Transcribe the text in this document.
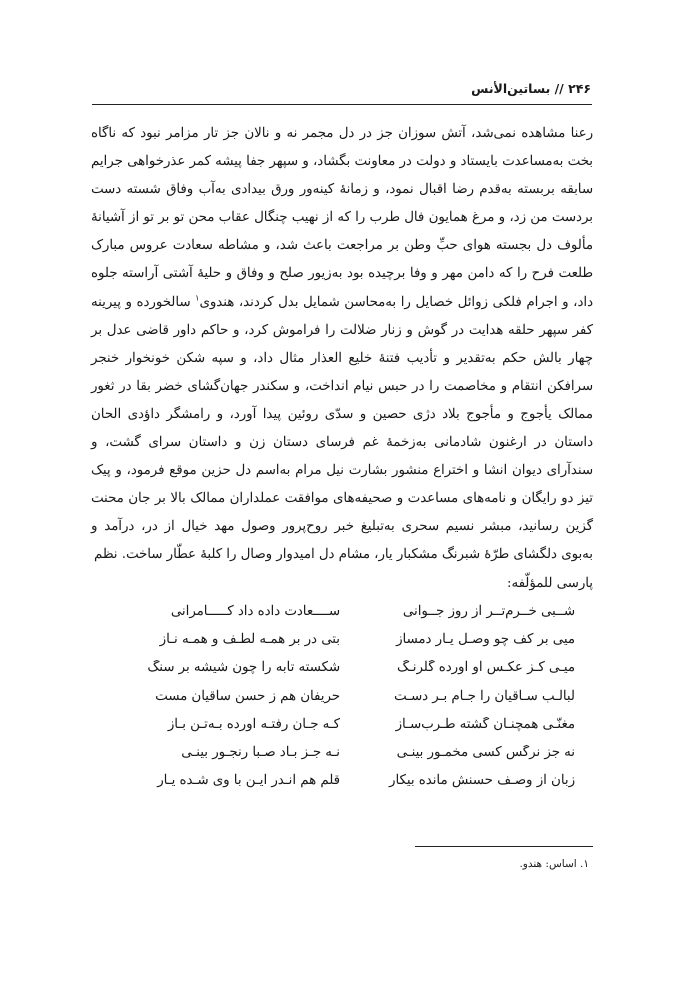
۲۴۶ // بساتین‌الأنس

رعنا مشاهده نمی‌شد، آتش سوزان جز در دل مجمر نه و نالان جز تار مزامر نبود که ناگاه بخت به‌مساعدت بایستاد و دولت در معاونت بگشاد، و سپهر جفا پیشه کمر عذرخواهی جرایم سابقه بربسته به‌قدم رضا اقبال نمود، و زمانهٔ کینه‌ور ورق بیدادی به‌آب وفاق شسته دست بردست من زد، و مرغ همایون فال طرب را که از نهیب چنگال عقاب محن تو بر تو از آشیانهٔ مألوف دل بجسته هوای حبِّ وطن بر مراجعت باعث شد، و مشاطه سعادت عروس مبارک طلعت فرح را که دامن مهر و وفا برچیده بود به‌زیور صلح و وفاق و حلیهٔ آشتی آراسته جلوه داد، و اجرام فلکی زوائل خصایل را به‌محاسن شمایل بدل کردند، هندوی$^۱$ سالخورده و پیرینه کفر سپهر حلقه هدایت در گوش و زنار ضلالت را فراموش کرد، و حاکم داور قاضی عدل بر چهار بالش حکم به‌تقدیر و تأدیب فتنهٔ خلیع العذار مثال داد، و سپه شکن خونخوار خنجر سرافکن انتقام و مخاصمت را در حبس نیام انداخت، و سکندر جهان‌گشای خضر بقا در ثغور ممالک یأجوج و مأجوج بلاد دژی حصین و سدّی روئین پیدا آورد، و رامشگر داؤدی الحان داستان در ارغنون شادمانی به‌زخمهٔ غم فرسای دستان زن و داستان سرای گشت، و سندآرای دیوان انشا و اختراع منشور بشارت نیل مرام به‌اسم دل حزین موقع فرمود، و پیک تیز دو رایگان و نامه‌های مساعدت و صحیفه‌های موافقت عملداران ممالک بالا بر جان محنت گزین رسانید، مبشر نسیم سحری به‌تبلیغ خبر روح‌پرور وصول مهد خیال از در، درآمد و به‌بوی دلگشای طرّهٔ شبرنگ مشکبار یار، مشام دل امیدوار وصال را کلبهٔ عطّار ساخت. نظم

پارسی للمؤلّفه:

شــبی خــرم‌تــر از روز جــوانی
ســــعادت داده داد کـــــامرانی
میی بر کف چو وصـل یـار دمساز
بتی در بر همـه لطـف و همـه نـاز
میـی کـز عکـس او آورده گلرنـگ
شکسته تابه را چون شیشه بر سنگ
لبالـب سـاقیان را جـام بـر دسـت
حریفان هم ز حسن ساقیان مست
مغنّـی همچنـان گشته طـرب‌سـاز
کـه جـان رفتـه آورده بـه‌تـن بـاز
نه جز نرگس کسی مخمـور بینـی
نـه جـز بـاد صـبا رنجـور بینـی
زبان از وصـف حسنش مانده بیکار
قلم هم انـدر ایـن با وی شـده یـار
۱. اساس: هندو.
